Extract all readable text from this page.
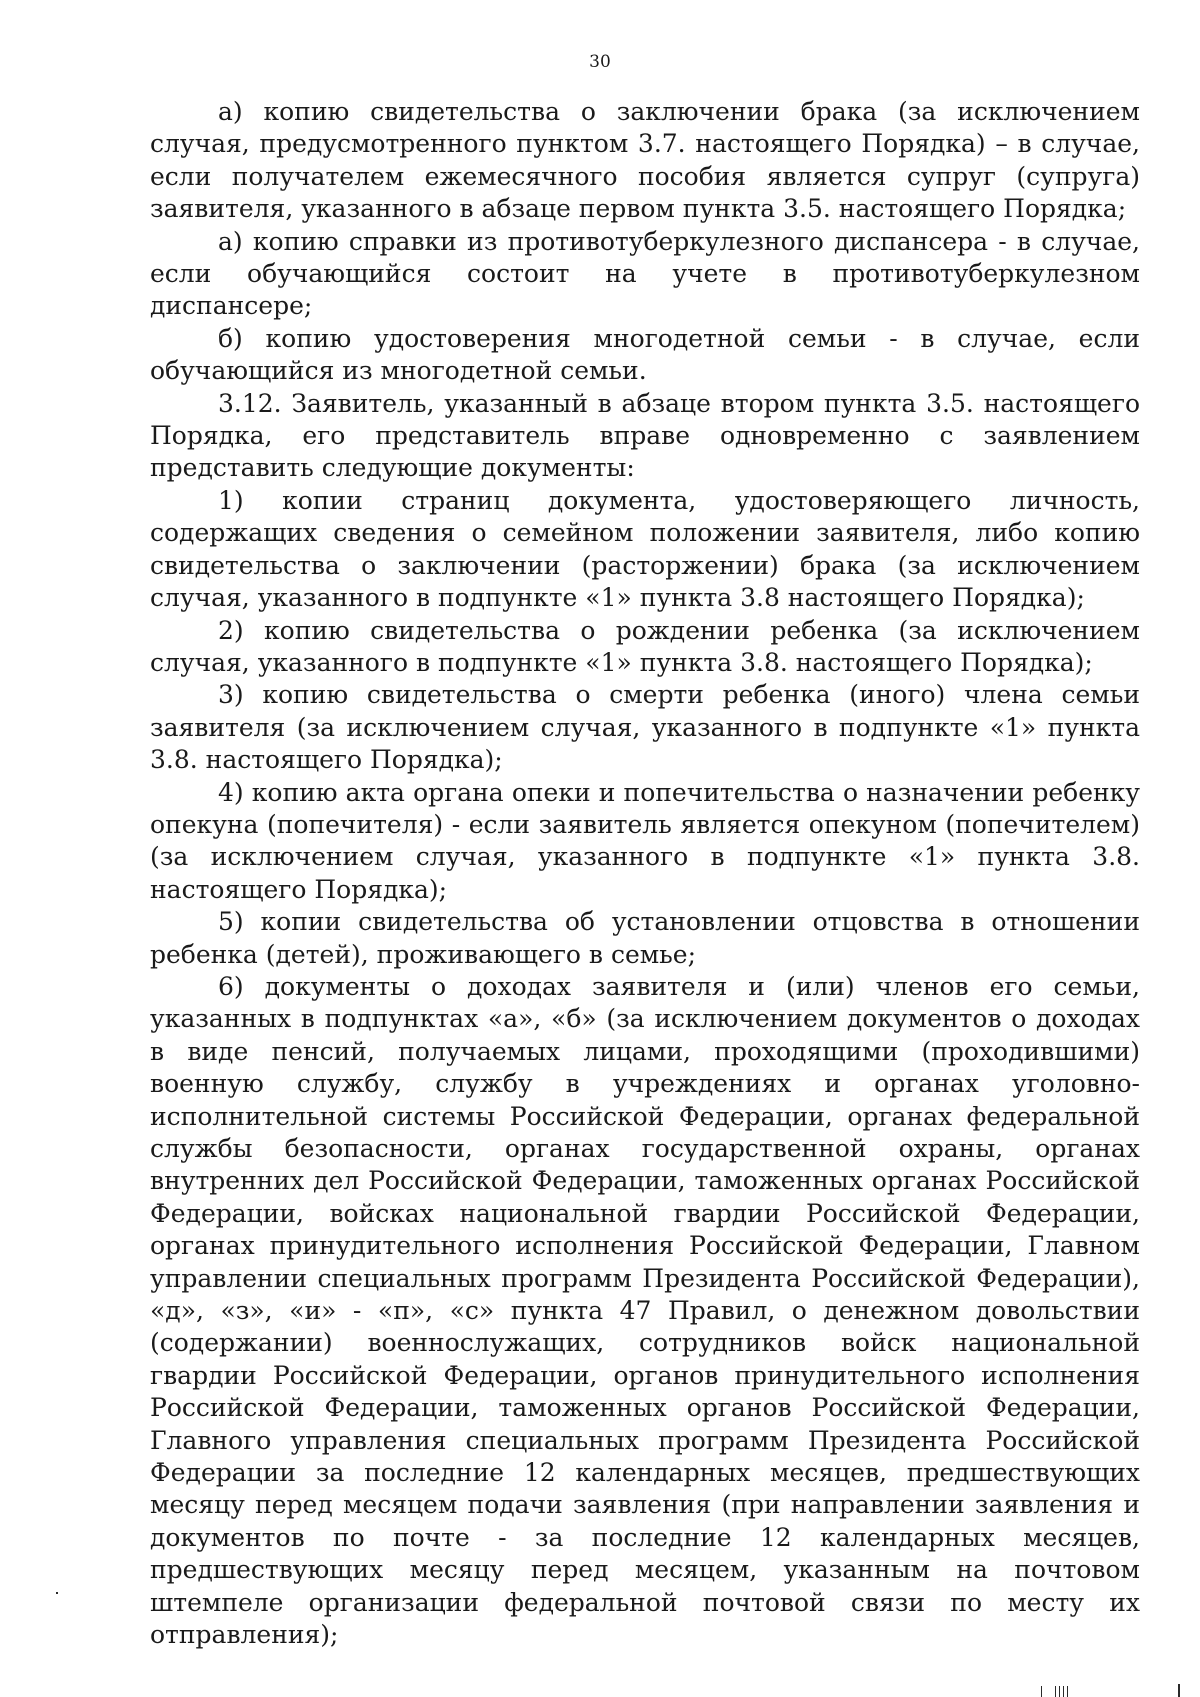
30

а) копию свидетельства о заключении брака (за исключением случая, предусмотренного пунктом 3.7. настоящего Порядка) – в случае, если получателем ежемесячного пособия является супруг (супруга) заявителя, указанного в абзаце первом пункта 3.5. настоящего Порядка;

а) копию справки из противотуберкулезного диспансера - в случае, если обучающийся состоит на учете в противотуберкулезном диспансере;

б) копию удостоверения многодетной семьи - в случае, если обучающийся из многодетной семьи.

3.12. Заявитель, указанный в абзаце втором пункта 3.5. настоящего Порядка, его представитель вправе одновременно с заявлением представить следующие документы:

1) копии страниц документа, удостоверяющего личность, содержащих сведения о семейном положении заявителя, либо копию свидетельства о заключении (расторжении) брака (за исключением случая, указанного в подпункте «1» пункта 3.8 настоящего Порядка);

2) копию свидетельства о рождении ребенка (за исключением случая, указанного в подпункте «1» пункта 3.8. настоящего Порядка);

3) копию свидетельства о смерти ребенка (иного) члена семьи заявителя (за исключением случая, указанного в подпункте «1» пункта 3.8. настоящего Порядка);

4) копию акта органа опеки и попечительства о назначении ребенку опекуна (попечителя) - если заявитель является опекуном (попечителем) (за исключением случая, указанного в подпункте «1» пункта 3.8. настоящего Порядка);

5) копии свидетельства об установлении отцовства в отношении ребенка (детей), проживающего в семье;

6) документы о доходах заявителя и (или) членов его семьи, указанных в подпунктах «а», «б» (за исключением документов о доходах в виде пенсий, получаемых лицами, проходящими (проходившими) военную службу, службу в учреждениях и органах уголовно-исполнительной системы Российской Федерации, органах федеральной службы безопасности, органах государственной охраны, органах внутренних дел Российской Федерации, таможенных органах Российской Федерации, войсках национальной гвардии Российской Федерации, органах принудительного исполнения Российской Федерации, Главном управлении специальных программ Президента Российской Федерации), «д», «з», «и» - «п», «с» пункта 47 Правил, о денежном довольствии (содержании) военнослужащих, сотрудников войск национальной гвардии Российской Федерации, органов принудительного исполнения Российской Федерации, таможенных органов Российской Федерации, Главного управления специальных программ Президента Российской Федерации за последние 12 календарных месяцев, предшествующих месяцу перед месяцем подачи заявления (при направлении заявления и документов по почте - за последние 12 календарных месяцев, предшествующих месяцу перед месяцем, указанным на почтовом штемпеле организации федеральной почтовой связи по месту их отправления);
